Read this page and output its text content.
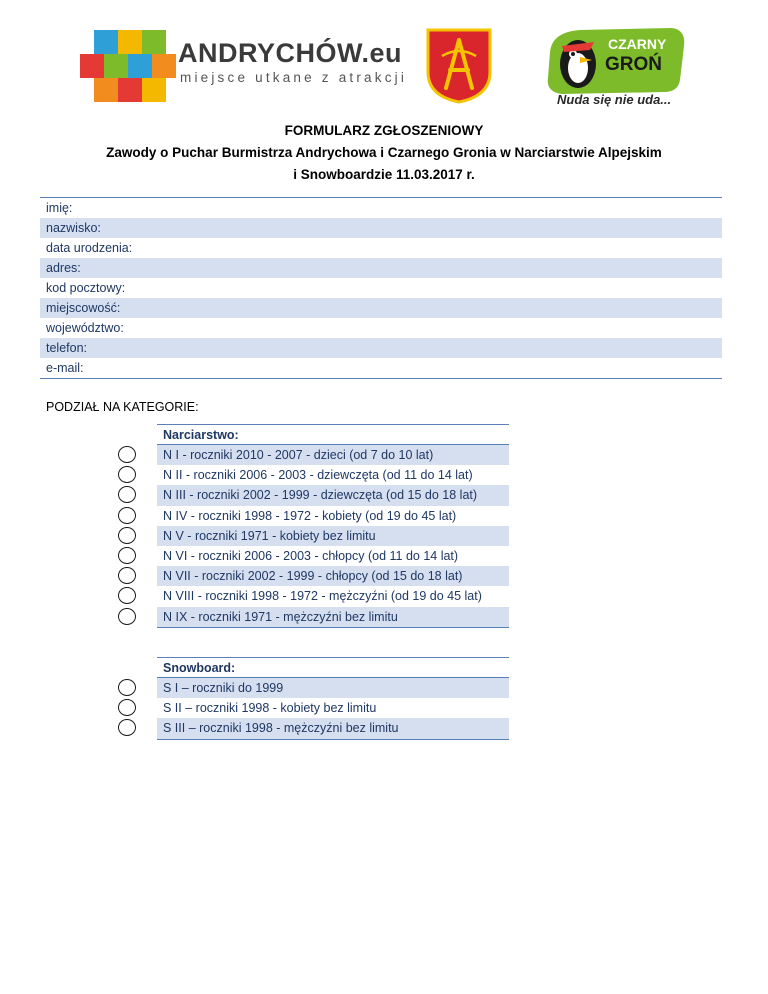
ANDRYCHÓW.eu
miejsce utkane z atrakcji
CZARNY
GROŃ
Nuda się nie uda...
FORMULARZ ZGŁOSZENIOWY
Zawody o Puchar Burmistrza Andrychowa i Czarnego Gronia w Narciarstwie Alpejskim
i Snowboardzie 11.03.2017 r.
imię:
nazwisko:
data urodzenia:
adres:
kod pocztowy:
miejscowość:
województwo:
telefon:
e-mail:
PODZIAŁ NA KATEGORIE:
Narciarstwo:
N I - roczniki 2010 - 2007 - dzieci (od 7 do 10 lat)
N II - roczniki 2006 - 2003 - dziewczęta (od 11 do 14 lat)
N III - roczniki 2002 - 1999 - dziewczęta (od 15 do 18 lat)
N IV - roczniki 1998 - 1972 - kobiety (od 19 do 45 lat)
N V - roczniki 1971 - kobiety bez limitu
N VI - roczniki 2006 - 2003 - chłopcy (od 11 do 14 lat)
N VII - roczniki 2002 - 1999 - chłopcy (od 15 do 18 lat)
N VIII - roczniki 1998 - 1972 - mężczyźni (od 19 do 45 lat)
N IX - roczniki 1971 - mężczyźni bez limitu
Snowboard:
S I – roczniki do 1999
S II – roczniki 1998 - kobiety bez limitu
S III – roczniki 1998 - mężczyźni bez limitu
